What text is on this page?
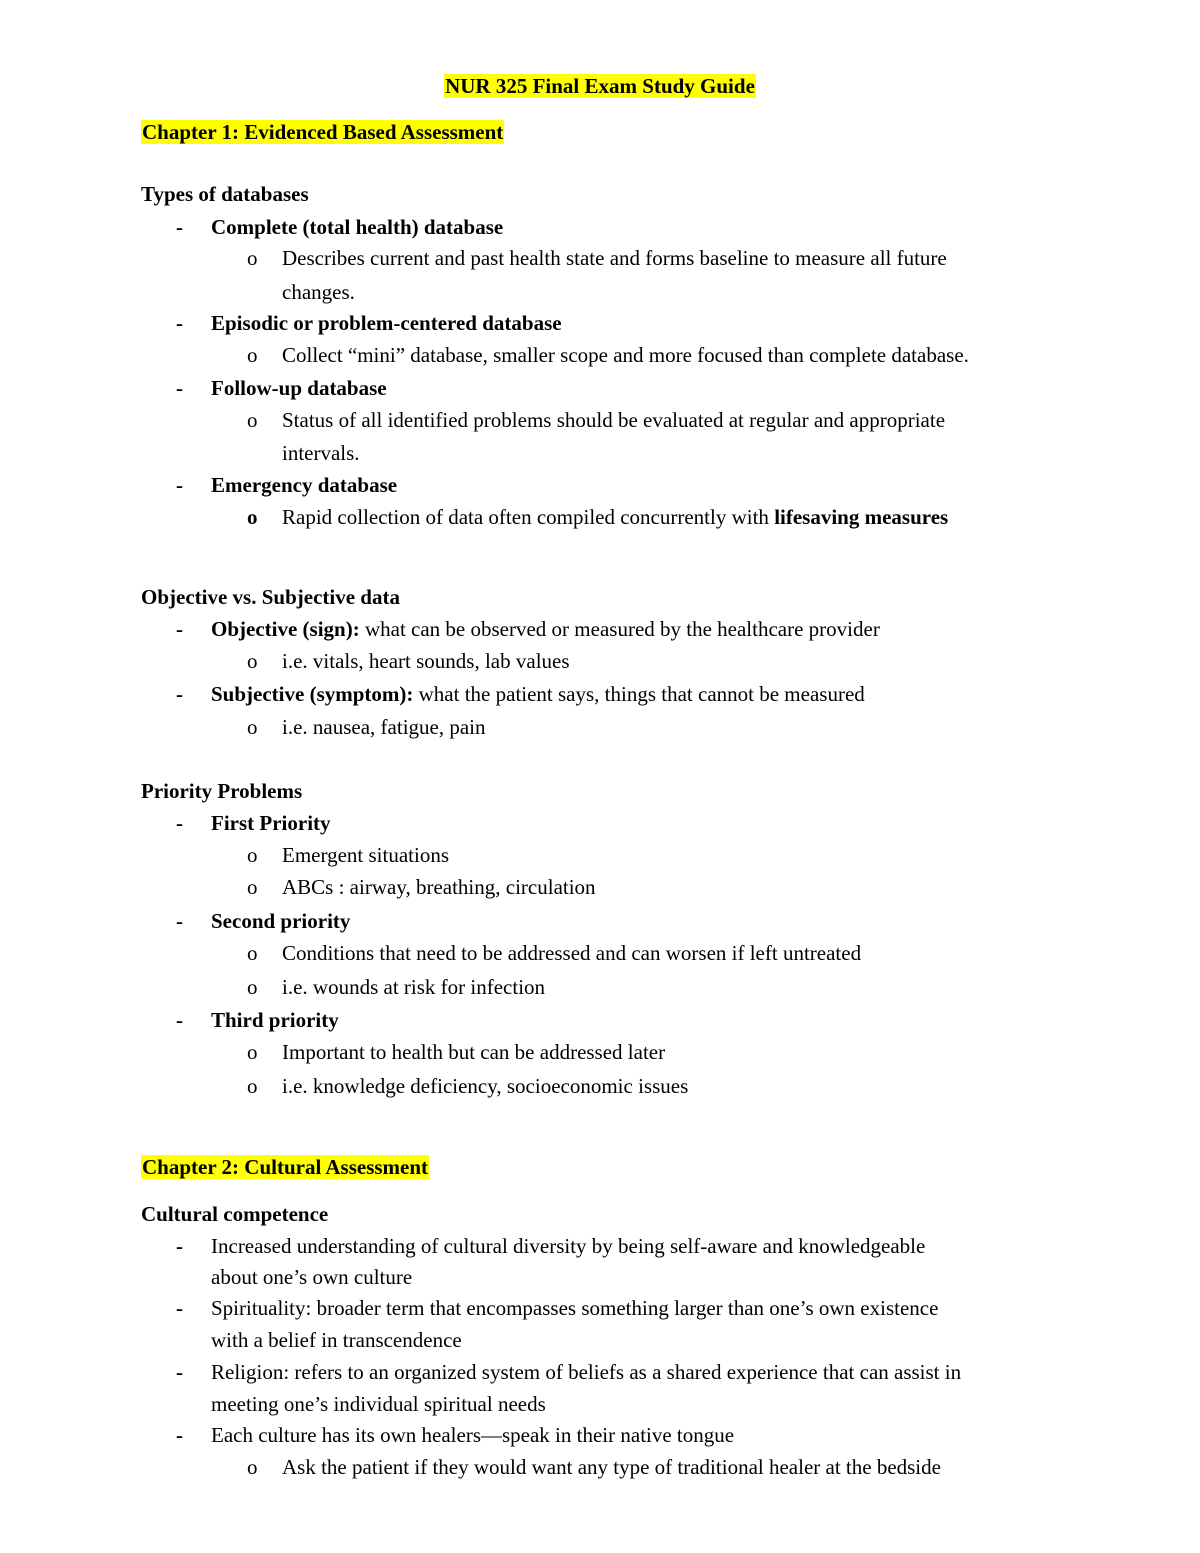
NUR 325 Final Exam Study Guide
Chapter 1: Evidenced Based Assessment
Types of databases
- Complete (total health) database
o Describes current and past health state and forms baseline to measure all future
changes.
- Episodic or problem-centered database
o Collect “mini” database, smaller scope and more focused than complete database.
- Follow-up database
o Status of all identified problems should be evaluated at regular and appropriate
intervals.
- Emergency database
o Rapid collection of data often compiled concurrently with lifesaving measures
Objective vs. Subjective data
- Objective (sign): what can be observed or measured by the healthcare provider
o i.e. vitals, heart sounds, lab values
- Subjective (symptom): what the patient says, things that cannot be measured
o i.e. nausea, fatigue, pain
Priority Problems
- First Priority
o Emergent situations
o ABCs : airway, breathing, circulation
- Second priority
o Conditions that need to be addressed and can worsen if left untreated
o i.e. wounds at risk for infection
- Third priority
o Important to health but can be addressed later
o i.e. knowledge deficiency, socioeconomic issues
Chapter 2: Cultural Assessment
Cultural competence
- Increased understanding of cultural diversity by being self-aware and knowledgeable
about one’s own culture
- Spirituality: broader term that encompasses something larger than one’s own existence
with a belief in transcendence
- Religion: refers to an organized system of beliefs as a shared experience that can assist in
meeting one’s individual spiritual needs
- Each culture has its own healers—speak in their native tongue
o Ask the patient if they would want any type of traditional healer at the bedside
